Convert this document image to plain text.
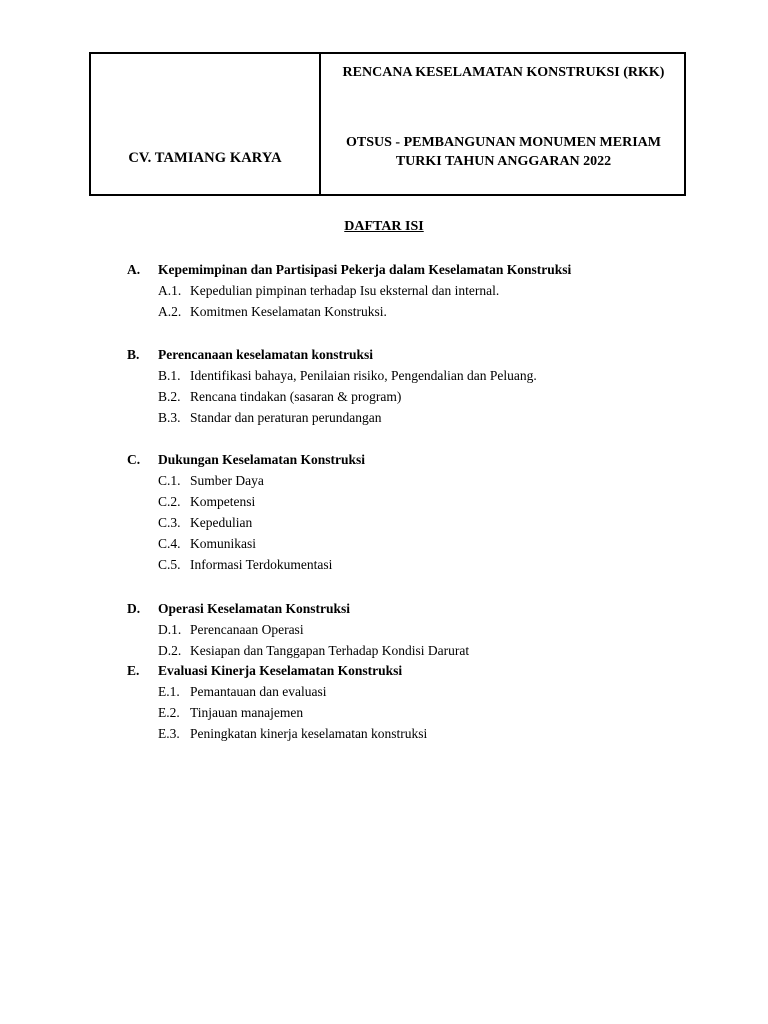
CV. TAMIANG KARYA
RENCANA KESELAMATAN KONSTRUKSI (RKK)
OTSUS - PEMBANGUNAN MONUMEN MERIAM
TURKI TAHUN ANGGARAN 2022
DAFTAR ISI
A. Kepemimpinan dan Partisipasi Pekerja dalam Keselamatan Konstruksi
A.1. Kepedulian pimpinan terhadap Isu eksternal dan internal.
A.2. Komitmen Keselamatan Konstruksi.
B. Perencanaan keselamatan konstruksi
B.1. Identifikasi bahaya, Penilaian risiko, Pengendalian dan Peluang.
B.2. Rencana tindakan (sasaran & program)
B.3. Standar dan peraturan perundangan
C. Dukungan Keselamatan Konstruksi
C.1. Sumber Daya
C.2. Kompetensi
C.3. Kepedulian
C.4. Komunikasi
C.5. Informasi Terdokumentasi
D. Operasi Keselamatan Konstruksi
D.1. Perencanaan Operasi
D.2. Kesiapan dan Tanggapan Terhadap Kondisi Darurat
E. Evaluasi Kinerja Keselamatan Konstruksi
E.1. Pemantauan dan evaluasi
E.2. Tinjauan manajemen
E.3. Peningkatan kinerja keselamatan konstruksi
